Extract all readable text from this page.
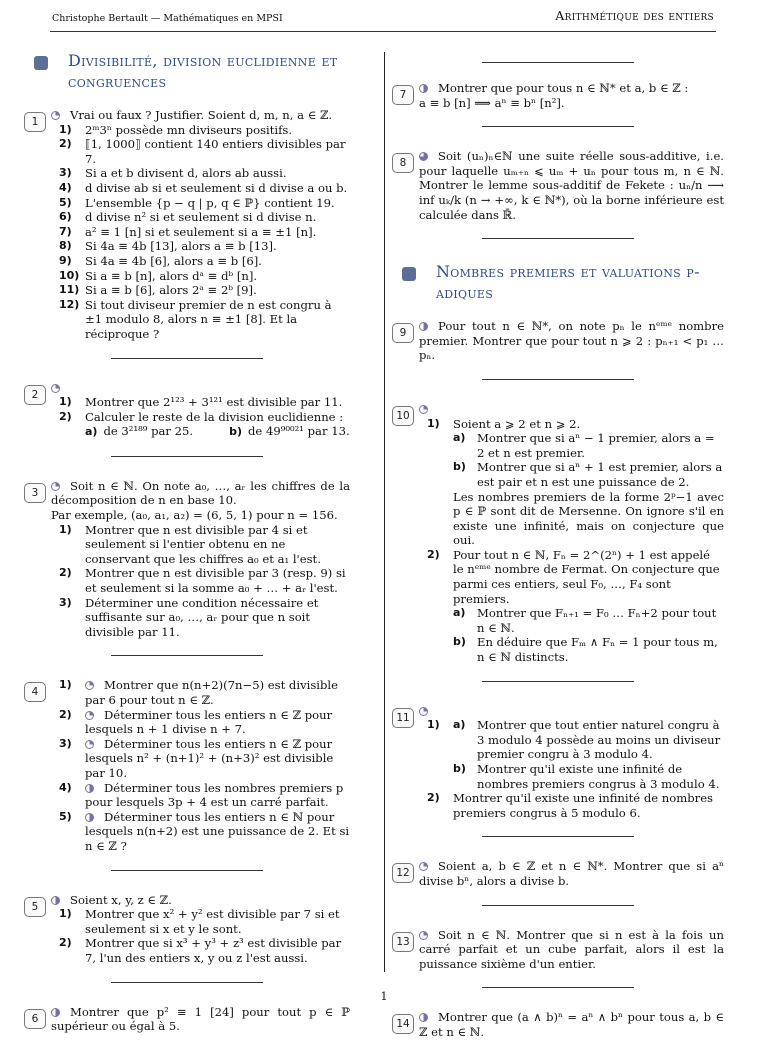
Christophe Bertault — Mathématiques en MPSI	Arithmétique des entiers
Divisibilité, division euclidienne et congruences
1	Vrai ou faux ? Justifier. Soient d, m, n, a ∈ ℤ.

1) 2ᵐ3ⁿ possède mn diviseurs positifs.
2) ⟦1, 1000⟧ contient 140 entiers divisibles par 7.
3) Si a et b divisent d, alors ab aussi.
4) d divise ab si et seulement si d divise a ou b.
5) L'ensemble {p − q | p, q ∈ ℙ} contient 19.
6) d divise n² si et seulement si d divise n.
7) a² ≡ 1 [n] si et seulement si a ≡ ±1 [n].
8) Si 4a ≡ 4b [13], alors a ≡ b [13].
9) Si 4a ≡ 4b [6], alors a ≡ b [6].
10) Si a ≡ b [n], alors dᵃ ≡ dᵇ [n].
11) Si a ≡ b [6], alors 2ᵃ ≡ 2ᵇ [9].
12) Si tout diviseur premier de n est congru à ±1 modulo 8, alors n ≡ ±1 [8]. Et la réciproque ?
2

1) Montrer que 2¹²³ + 3¹²¹ est divisible par 11.
2) Calculer le reste de la division euclidienne :
a) de 3²¹⁸⁹ par 25.	b) de 49⁹⁰⁰²¹ par 13.
3	Soit n ∈ ℕ. On note a₀, …, aᵣ les chiffres de la décomposition de n en base 10.

Par exemple, (a₀, a₁, a₂) = (6, 5, 1) pour n = 156.

1) Montrer que n est divisible par 4 si et seulement si l'entier obtenu en ne conservant que les chiffres a₀ et a₁ l'est.
2) Montrer que n est divisible par 3 (resp. 9) si et seulement si la somme a₀ + … + aᵣ l'est.
3) Déterminer une condition nécessaire et suffisante sur a₀, …, aᵣ pour que n soit divisible par 11.
4
1)	Montrer que n(n+2)(7n−5) est divisible par 6 pour tout n ∈ ℤ.
2)	Déterminer tous les entiers n ∈ ℤ pour lesquels n + 1 divise n + 7.
3)	Déterminer tous les entiers n ∈ ℤ pour lesquels n² + (n+1)² + (n+3)² est divisible par 10.
4)	Déterminer tous les nombres premiers p pour lesquels 3p + 4 est un carré parfait.
5)	Déterminer tous les entiers n ∈ ℕ pour lesquels n(n+2) est une puissance de 2. Et si n ∈ ℤ ?
5	Soient x, y, z ∈ ℤ.

1) Montrer que x² + y² est divisible par 7 si et seulement si x et y le sont.
2) Montrer que si x³ + y³ + z³ est divisible par 7, l'un des entiers x, y ou z l'est aussi.
6	Montrer que p² ≡ 1 [24] pour tout p ∈ ℙ supérieur ou égal à 5.

7	Montrer que pour tous n ∈ ℕ* et a, b ∈ ℤ :

a ≡ b [n] ⟹ aⁿ ≡ bⁿ [n²].

8	Soit (uₙ)ₙ∈ℕ une suite réelle sous-additive, i.e. pour laquelle uₘ₊ₙ ⩽ uₘ + uₙ pour tous m, n ∈ ℕ. Montrer le lemme sous-additif de Fekete : uₙ/n ⟶ inf uₖ/k (n → +∞, k ∈ ℕ*), où la borne inférieure est calculée dans ℝ̄.

Nombres premiers et valuations p-adiques
9	Pour tout n ∈ ℕ*, on note pₙ le nᵉᵐᵉ nombre premier. Montrer que pour tout n ⩾ 2 : pₙ₊₁ < p₁ … pₙ.

10

1) Soient a ⩾ 2 et n ⩾ 2.
a) Montrer que si aⁿ − 1 premier, alors a = 2 et n est premier.
b) Montrer que si aⁿ + 1 est premier, alors a est pair et n est une puissance de 2.

Les nombres premiers de la forme 2ᵖ−1 avec p ∈ ℙ sont dit de Mersenne. On ignore s'il en existe une infinité, mais on conjecture que oui.

2) Pour tout n ∈ ℕ, Fₙ = 2^(2ⁿ) + 1 est appelé le nᵉᵐᵉ nombre de Fermat. On conjecture que parmi ces entiers, seul F₀, …, F₄ sont premiers.
a) Montrer que Fₙ₊₁ = F₀ … Fₙ+2 pour tout n ∈ ℕ.
b) En déduire que Fₘ ∧ Fₙ = 1 pour tous m, n ∈ ℕ distincts.
11

1) a) Montrer que tout entier naturel congru à 3 modulo 4 possède au moins un diviseur premier congru à 3 modulo 4.
b) Montrer qu'il existe une infinité de nombres premiers congrus à 3 modulo 4.
2) Montrer qu'il existe une infinité de nombres premiers congrus à 5 modulo 6.
12	Soient a, b ∈ ℤ et n ∈ ℕ*. Montrer que si aⁿ divise bⁿ, alors a divise b.

13	Soit n ∈ ℕ. Montrer que si n est à la fois un carré parfait et un cube parfait, alors il est la puissance sixième d'un entier.

14	Montrer que (a ∧ b)ⁿ = aⁿ ∧ bⁿ pour tous a, b ∈ ℤ et n ∈ ℕ.

1
